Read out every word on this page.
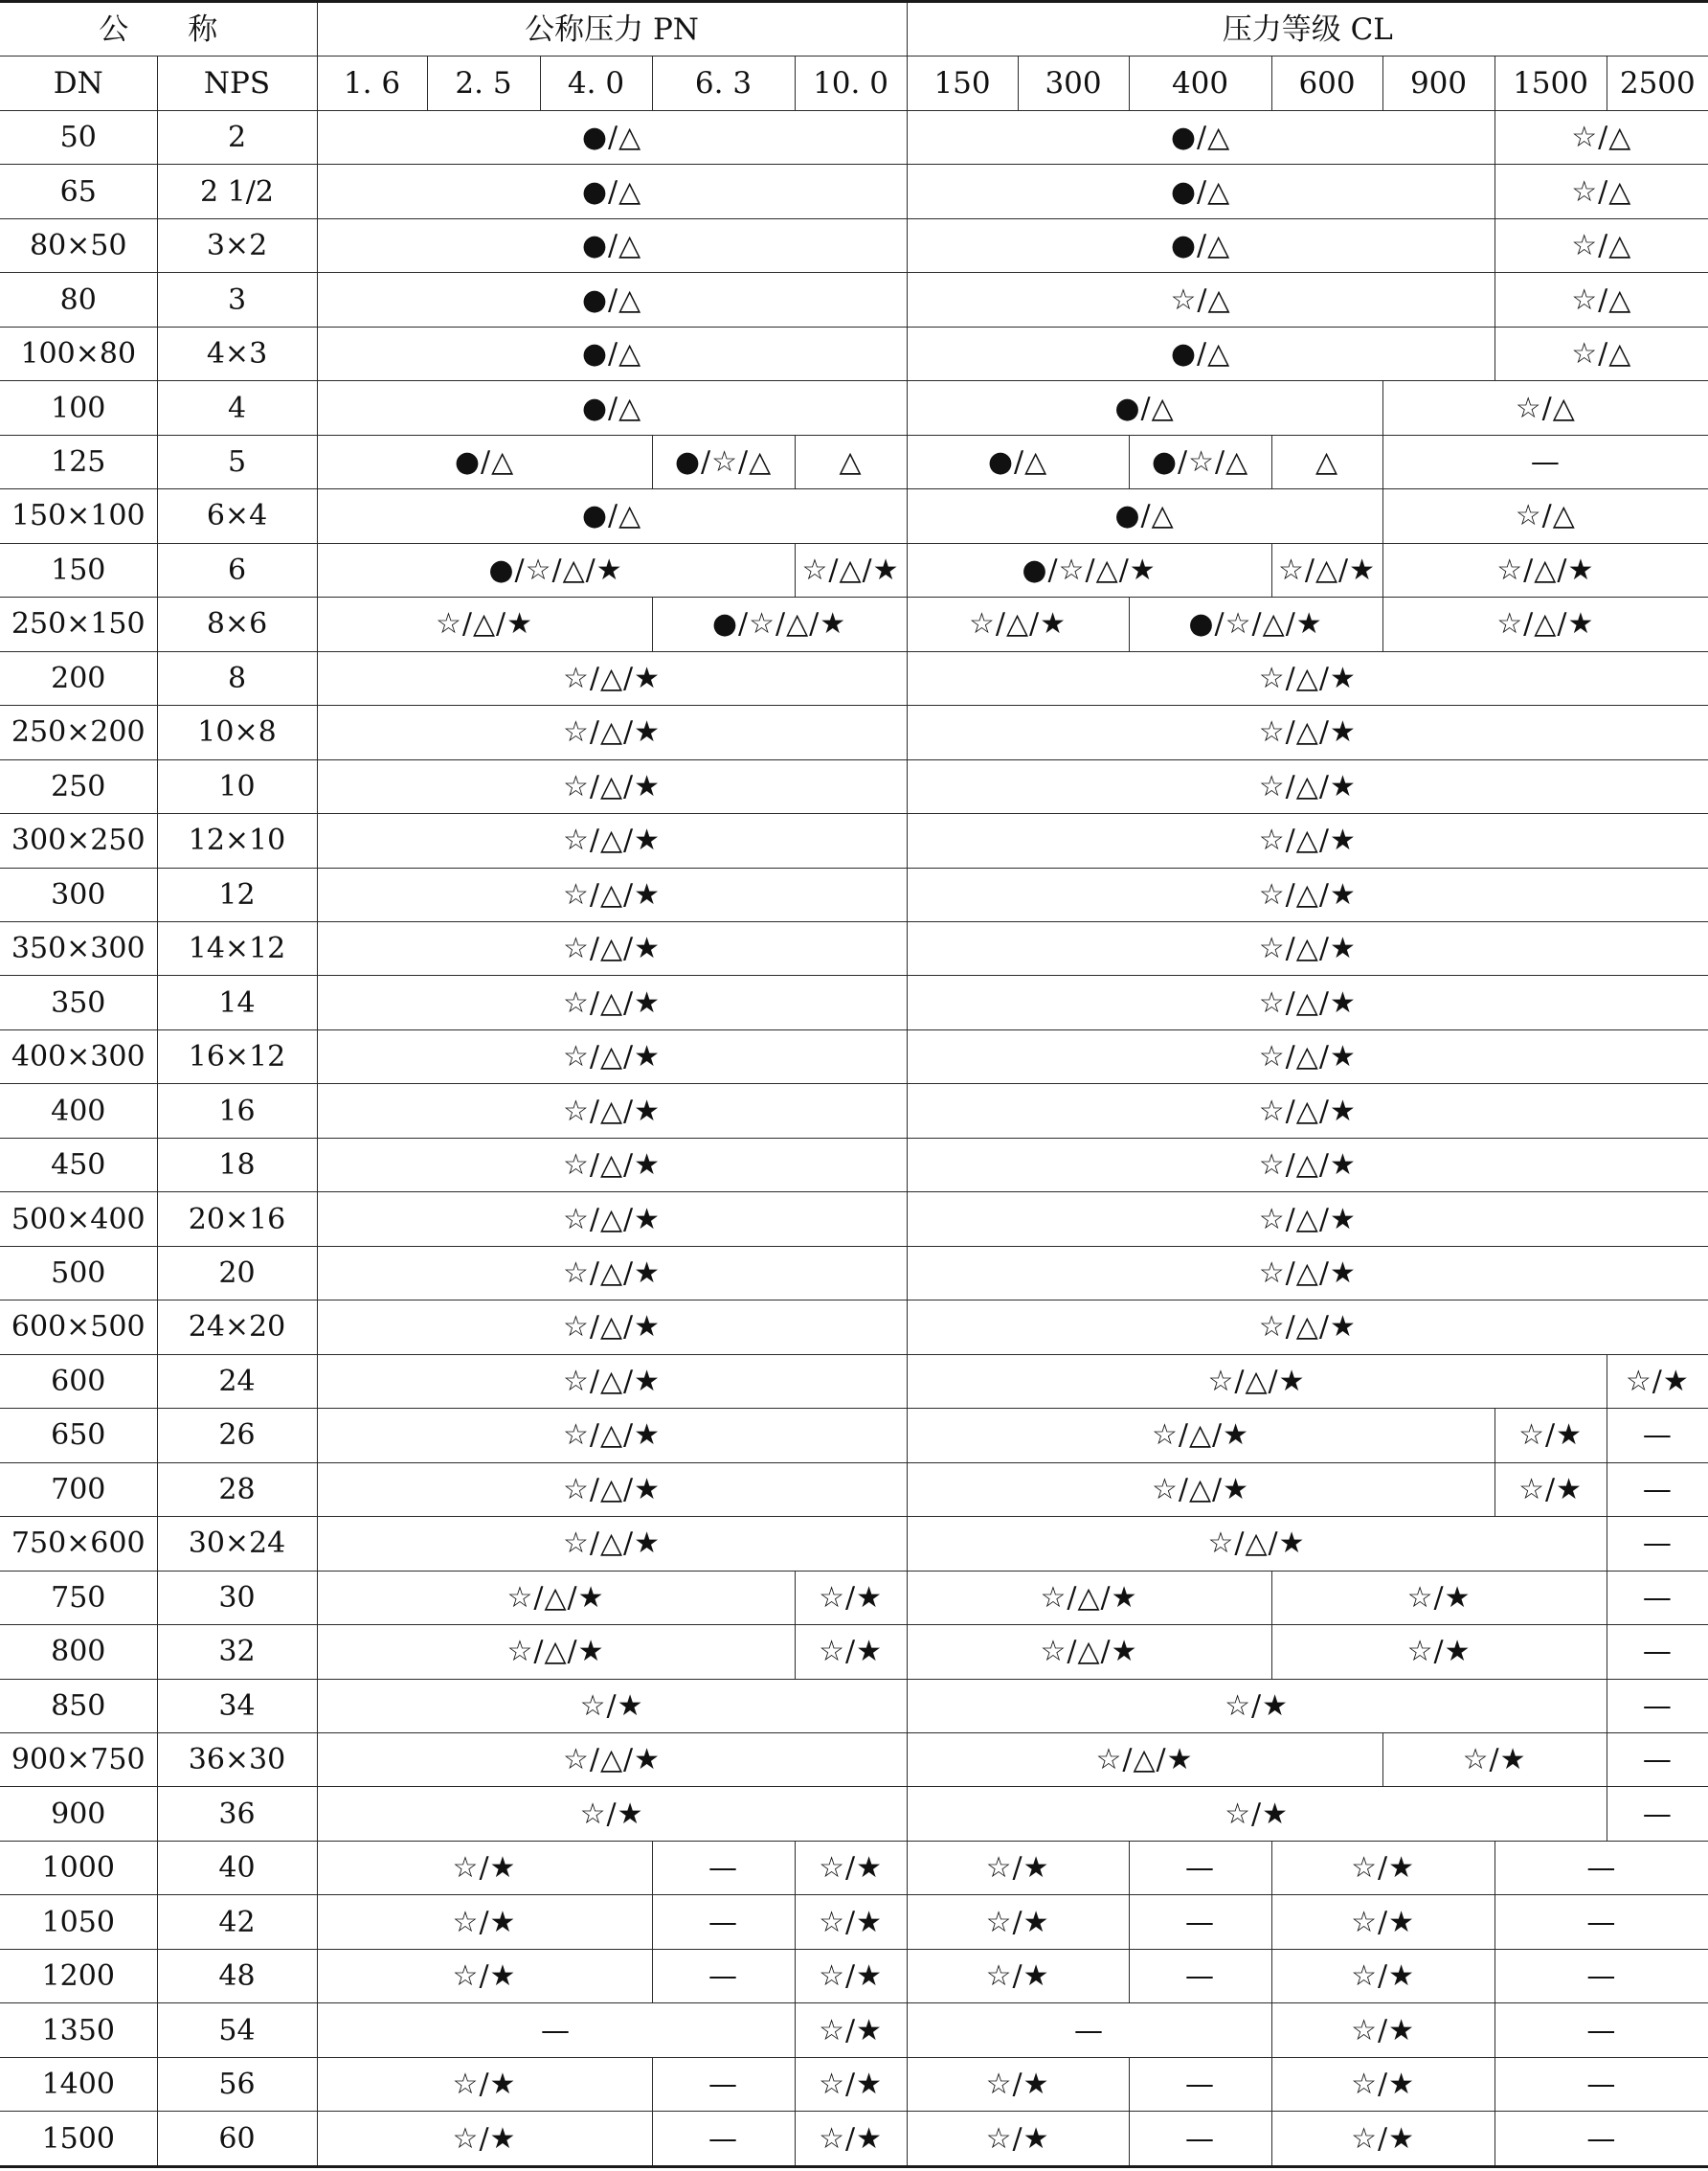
公　　称		公称压力 PN					压力等级 CL						
DN	NPS	1. 6	2. 5	4. 0	6. 3	10. 0	150	300	400	600	900	1500	2500
50	2	●/△					●/△					☆/△	
65	2 1/2	●/△					●/△					☆/△	
80×50	3×2	●/△					●/△					☆/△	
80	3	●/△					☆/△					☆/△	
100×80	4×3	●/△					●/△					☆/△	
100	4	●/△					●/△				☆/△		
125	5	●/△			●/☆/△	△	●/△		●/☆/△	△	—		
150×100	6×4	●/△					●/△				☆/△		
150	6	●/☆/△/★				☆/△/★	●/☆/△/★			☆/△/★	☆/△/★		
250×150	8×6	☆/△/★			●/☆/△/★		☆/△/★		●/☆/△/★		☆/△/★		
200	8	☆/△/★					☆/△/★						
250×200	10×8	☆/△/★					☆/△/★						
250	10	☆/△/★					☆/△/★						
300×250	12×10	☆/△/★					☆/△/★						
300	12	☆/△/★					☆/△/★						
350×300	14×12	☆/△/★					☆/△/★						
350	14	☆/△/★					☆/△/★						
400×300	16×12	☆/△/★					☆/△/★						
400	16	☆/△/★					☆/△/★						
450	18	☆/△/★					☆/△/★						
500×400	20×16	☆/△/★					☆/△/★						
500	20	☆/△/★					☆/△/★						
600×500	24×20	☆/△/★					☆/△/★						
600	24	☆/△/★					☆/△/★						☆/★
650	26	☆/△/★					☆/△/★					☆/★	—
700	28	☆/△/★					☆/△/★					☆/★	—
750×600	30×24	☆/△/★					☆/△/★						—
750	30	☆/△/★				☆/★	☆/△/★			☆/★			—
800	32	☆/△/★				☆/★	☆/△/★			☆/★			—
850	34	☆/★					☆/★						—
900×750	36×30	☆/△/★					☆/△/★				☆/★		—
900	36	☆/★					☆/★						—
1000	40	☆/★			—	☆/★	☆/★		—	☆/★		—	
1050	42	☆/★			—	☆/★	☆/★		—	☆/★		—	
1200	48	☆/★			—	☆/★	☆/★		—	☆/★		—	
1350	54	—				☆/★	—			☆/★		—	
1400	56	☆/★			—	☆/★	☆/★		—	☆/★		—	
1500	60	☆/★			—	☆/★	☆/★		—	☆/★		—	
